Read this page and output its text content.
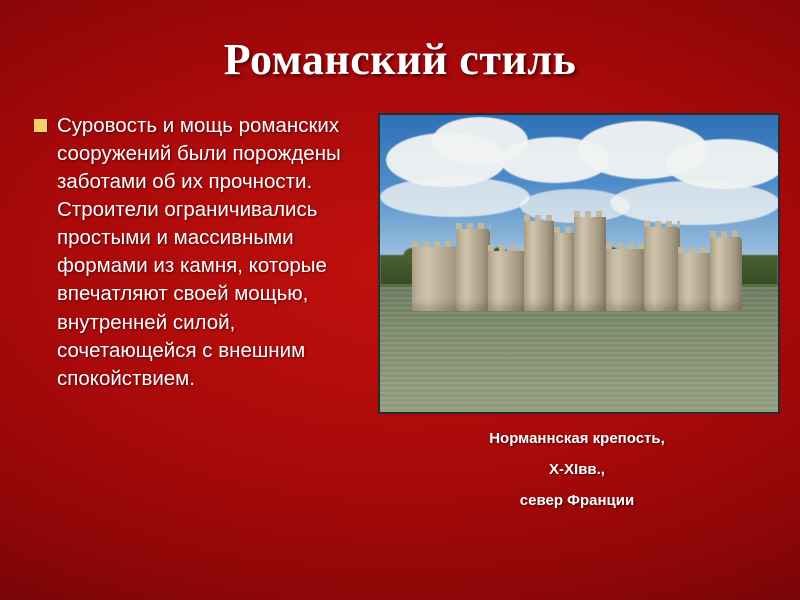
Романский стиль
Суровость и мощь романских сооружений были порождены заботами об их прочности. Строители ограничивались простыми и массивными формами из камня, которые впечатляют своей мощью, внутренней силой, сочетающейся с внешним спокойствием.
Норманнская крепость,
X-XIвв.,
север Франции
